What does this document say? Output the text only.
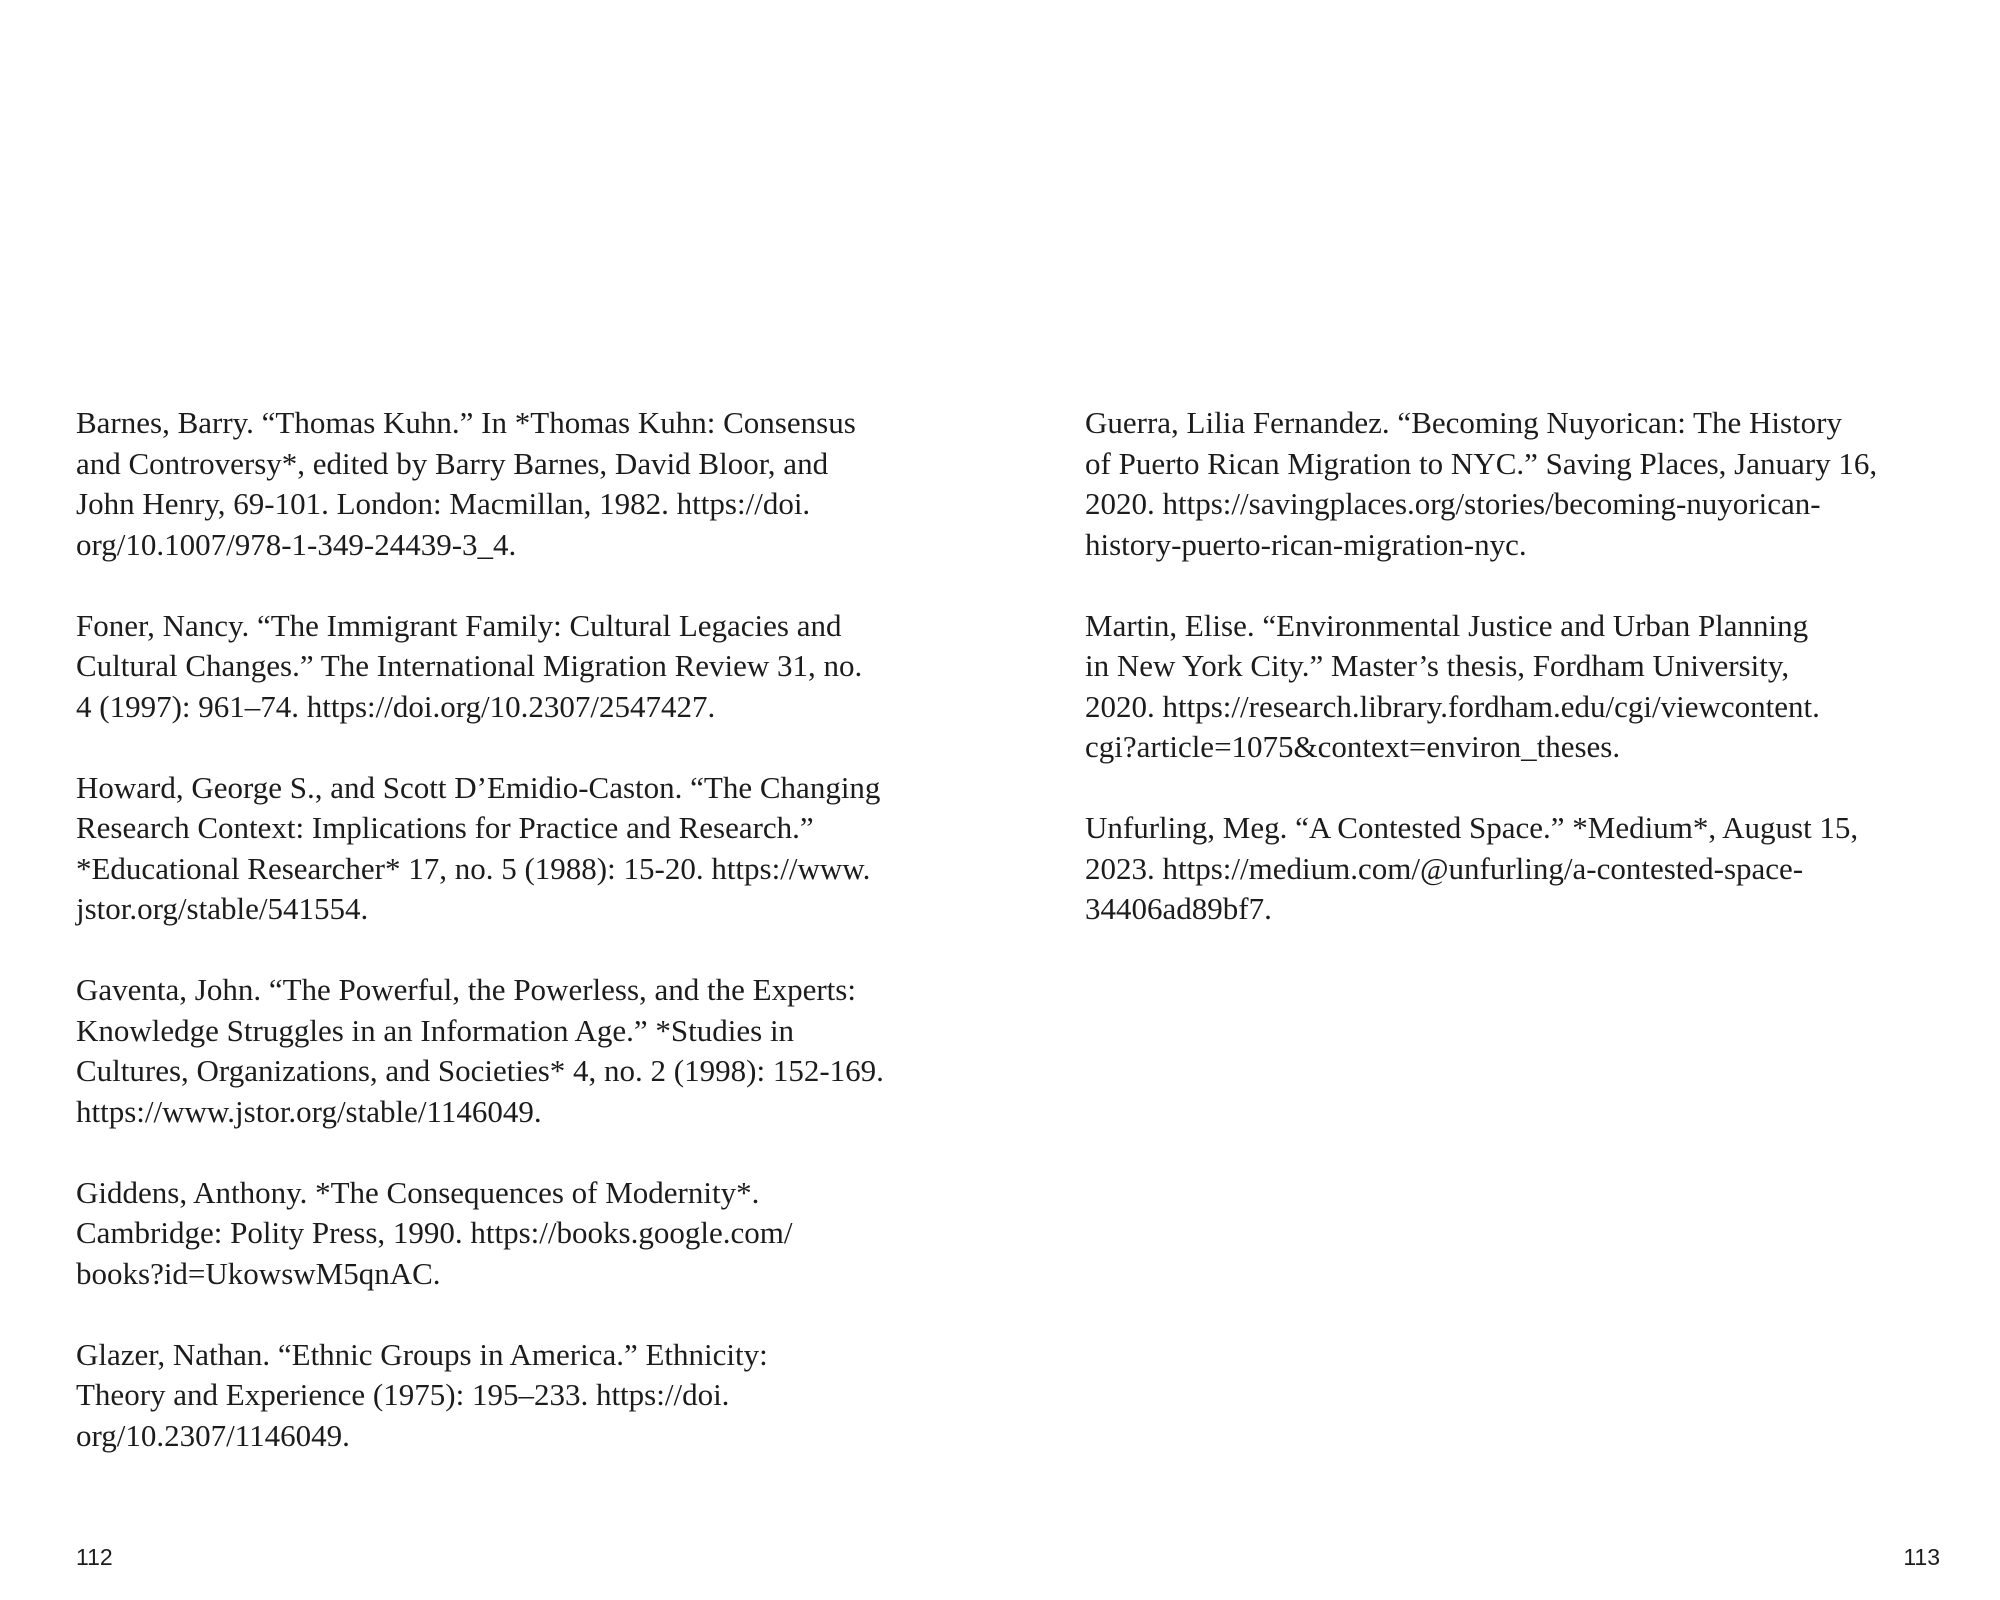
Barnes, Barry. “Thomas Kuhn.” In *Thomas Kuhn: Consensus
and Controversy*, edited by Barry Barnes, David Bloor, and
John Henry, 69-101. London: Macmillan, 1982. https://doi.
org/10.1007/978-1-349-24439-3_4.
Foner, Nancy. “The Immigrant Family: Cultural Legacies and
Cultural Changes.” The International Migration Review 31, no.
4 (1997): 961–74. https://doi.org/10.2307/2547427.
Howard, George S., and Scott D’Emidio-Caston. “The Changing
Research Context: Implications for Practice and Research.”
*Educational Researcher* 17, no. 5 (1988): 15-20. https://www.
jstor.org/stable/541554.
Gaventa, John. “The Powerful, the Powerless, and the Experts:
Knowledge Struggles in an Information Age.” *Studies in
Cultures, Organizations, and Societies* 4, no. 2 (1998): 152-169.
https://www.jstor.org/stable/1146049.
Giddens, Anthony. *The Consequences of Modernity*.
Cambridge: Polity Press, 1990. https://books.google.com/
books?id=UkowswM5qnAC.
Glazer, Nathan. “Ethnic Groups in America.” Ethnicity:
Theory and Experience (1975): 195–233. https://doi.
org/10.2307/1146049.
Guerra, Lilia Fernandez. “Becoming Nuyorican: The History
of Puerto Rican Migration to NYC.” Saving Places, January 16,
2020. https://savingplaces.org/stories/becoming-nuyorican-
history-puerto-rican-migration-nyc.
Martin, Elise. “Environmental Justice and Urban Planning
in New York City.” Master’s thesis, Fordham University,
2020. https://research.library.fordham.edu/cgi/viewcontent.
cgi?article=1075&context=environ_theses.
Unfurling, Meg. “A Contested Space.” *Medium*, August 15,
2023. https://medium.com/@unfurling/a-contested-space-
34406ad89bf7.
112	113
